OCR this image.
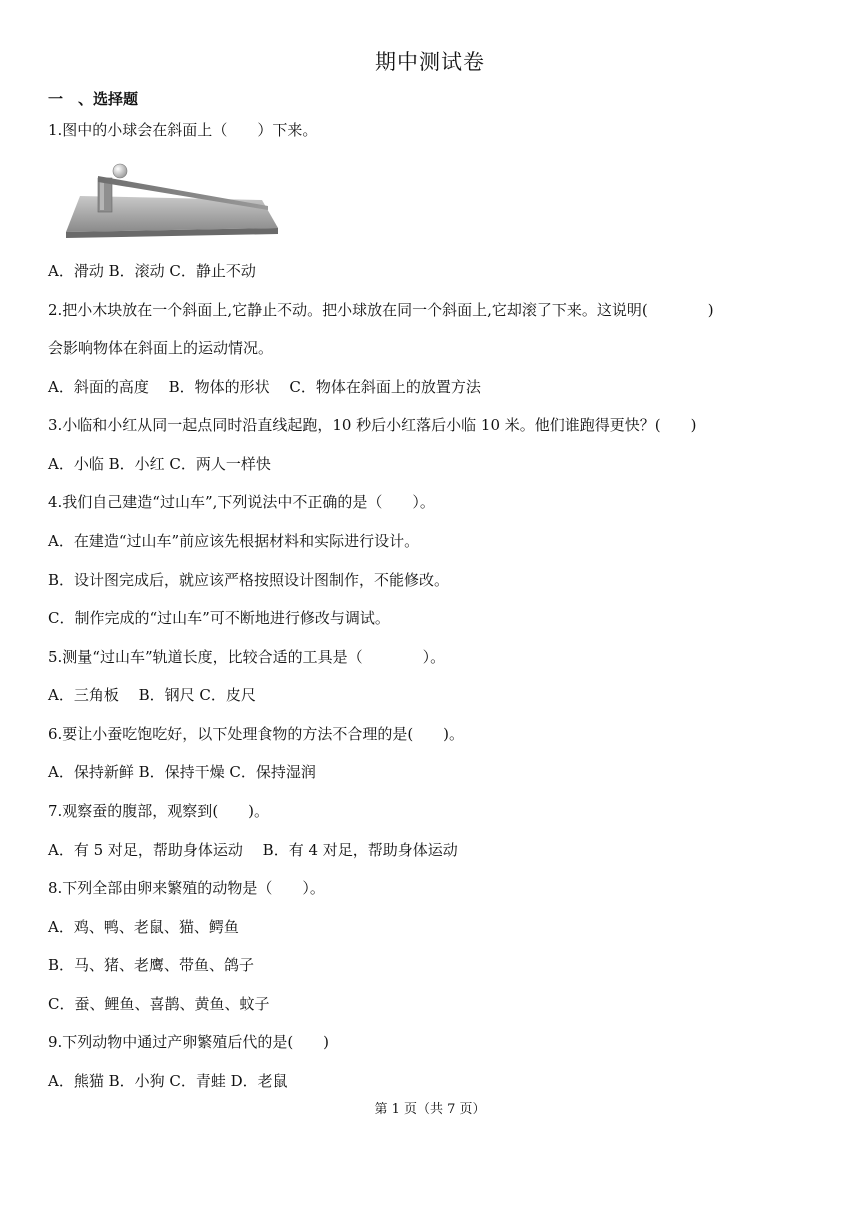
期中测试卷
一　、选择题
1.图中的小球会在斜面上（　　）下来。
A．滑动 B．滚动 C．静止不动
2.把小木块放在一个斜面上,它静止不动。把小球放在同一个斜面上,它却滚了下来。这说明(　　　　)
会影响物体在斜面上的运动情况。
A．斜面的高度　 B．物体的形状　 C．物体在斜面上的放置方法
3.小临和小红从同一起点同时沿直线起跑，10 秒后小红落后小临 10 米。他们谁跑得更快？(　　)
A．小临 B．小红 C．两人一样快
4.我们自己建造“过山车”,下列说法中不正确的是（　　）。
A．在建造“过山车”前应该先根据材料和实际进行设计。
B．设计图完成后，就应该严格按照设计图制作，不能修改。
C．制作完成的“过山车”可不断地进行修改与调试。
5.测量“过山车”轨道长度，比较合适的工具是（　　　　）。
A．三角板　 B．钢尺 C．皮尺
6.要让小蚕吃饱吃好，以下处理食物的方法不合理的是(　　)。
A．保持新鲜 B．保持干燥 C．保持湿润
7.观察蚕的腹部，观察到(　　)。
A．有 5 对足，帮助身体运动　 B．有 4 对足，帮助身体运动
8.下列全部由卵来繁殖的动物是（　　）。
A．鸡、鸭、老鼠、猫、鳄鱼
B．马、猪、老鹰、带鱼、鸽子
C．蚕、鲤鱼、喜鹊、黄鱼、蚊子
9.下列动物中通过产卵繁殖后代的是(　　)
A．熊猫 B．小狗 C．青蛙 D．老鼠
第 1 页（共 7 页）
